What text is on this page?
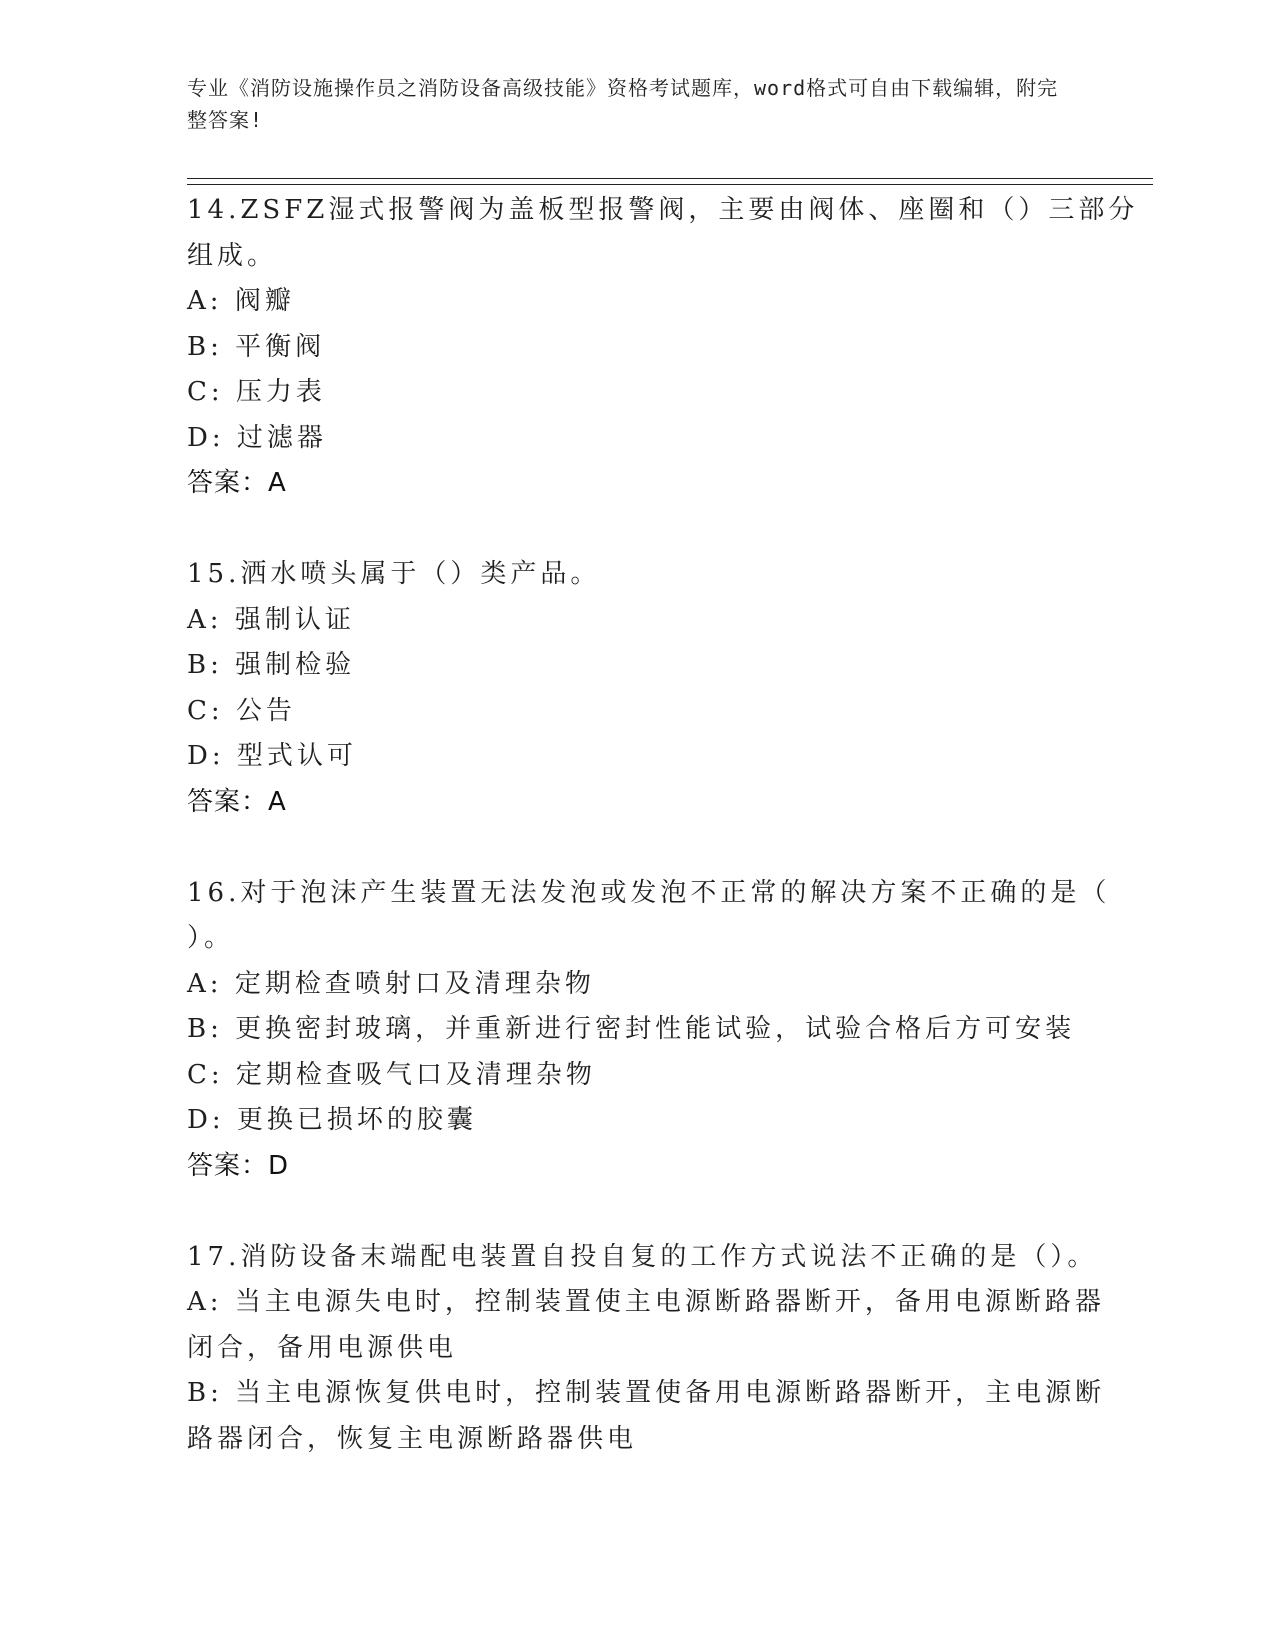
专业《消防设施操作员之消防设备高级技能》资格考试题库，word格式可自由下载编辑，附完整答案!
14.ZSFZ湿式报警阀为盖板型报警阀，主要由阀体、座圈和（）三部分
组成。
A: 阀瓣
B: 平衡阀
C: 压力表
D: 过滤器
答案：A
15.洒水喷头属于（）类产品。
A: 强制认证
B: 强制检验
C: 公告
D: 型式认可
答案：A
16.对于泡沫产生装置无法发泡或发泡不正常的解决方案不正确的是（
）。
A: 定期检查喷射口及清理杂物
B: 更换密封玻璃，并重新进行密封性能试验，试验合格后方可安装
C: 定期检查吸气口及清理杂物
D: 更换已损坏的胶囊
答案：D
17.消防设备末端配电装置自投自复的工作方式说法不正确的是（）。
A: 当主电源失电时，控制装置使主电源断路器断开，备用电源断路器
闭合，备用电源供电
B: 当主电源恢复供电时，控制装置使备用电源断路器断开，主电源断
路器闭合，恢复主电源断路器供电
